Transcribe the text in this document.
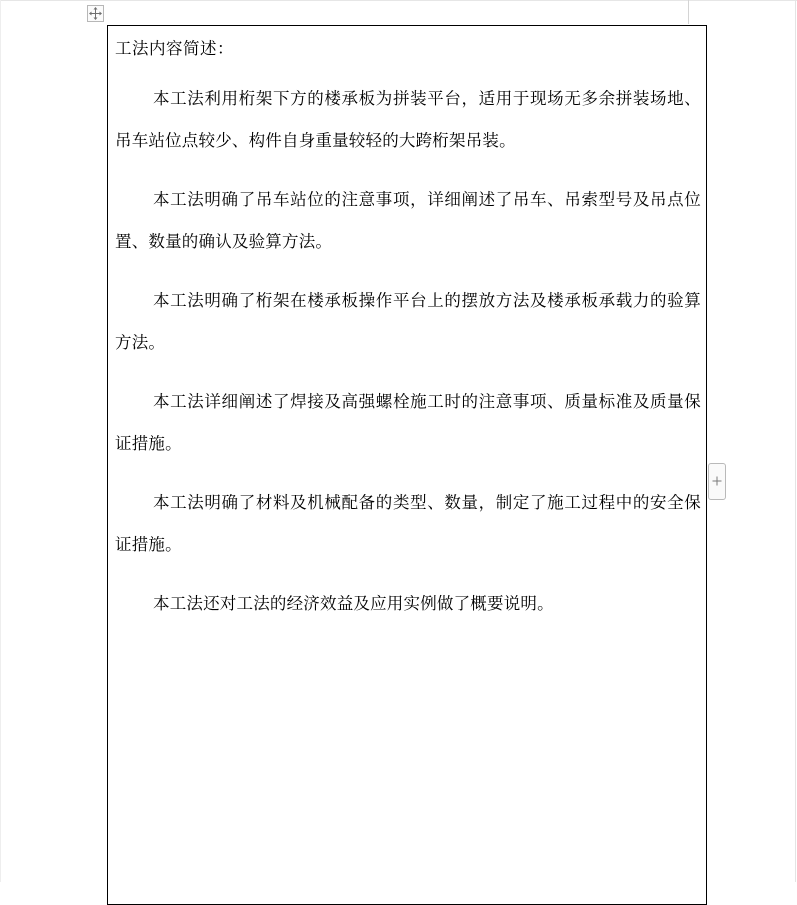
工法内容简述：

本工法利用桁架下方的楼承板为拼装平台，适用于现场无多余拼装场地、吊车站位点较少、构件自身重量较轻的大跨桁架吊装。

本工法明确了吊车站位的注意事项，详细阐述了吊车、吊索型号及吊点位置、数量的确认及验算方法。

本工法明确了桁架在楼承板操作平台上的摆放方法及楼承板承载力的验算方法。

本工法详细阐述了焊接及高强螺栓施工时的注意事项、质量标准及质量保证措施。

本工法明确了材料及机械配备的类型、数量，制定了施工过程中的安全保证措施。

本工法还对工法的经济效益及应用实例做了概要说明。
